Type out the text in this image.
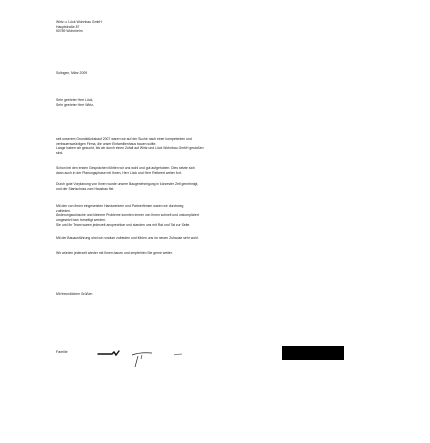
Wirtz u. Lück Wohnbau GmbH
Hauptstraße 87
50789 Wohnheim
Solingen, März 2009
Sehr geehrter Herr Lück,
Sehr geehrter Herr Wirtz,
seit unserem Grundstückskauf 2007 waren wir auf der Suche nach einer kompetenten und
vertrauenswürdigen Firma, die unser Einfamilienhaus bauen sollte.
Lange haben wir gesucht, bis wir durch einen Zufall auf Wirtz und Lück Wohnbau GmbH gestoßen
sind.
Schon bei den ersten Gesprächen fühlten wir uns wohl und gut aufgehoben. Dies setzte sich
dann auch in der Planungsphase mit Ihnen, Herr Lück und Herr Reibeert weiter fort.
Durch gute Vorplanung von Ihnen wurde unsere Baugenehmigung in kürzester Zeit genehmigt,
und der Startschuss zum Hausbau fiel.
Mit den von Ihnen eingesetzten Handwerkern und Partnerfirmen waren wir durchweg
zufrieden.
Änderungswünsche und kleinere Probleme konnten immer von Ihnen schnell und unkompliziert
umgesetzt bzw. beseitigt werden.
Sie und Ihr Team waren jederzeit ansprechbar und standen uns mit Rat und Tat zur Seite.
Mit der Bauausführung sind wir rundum zufrieden und fühlen uns im neuen Zuhause sehr wohl.
Wir würden jederzeit wieder mit Ihnen bauen und empfehlen Sie gerne weiter.
Mit freundlichen Grüßen
Familie
